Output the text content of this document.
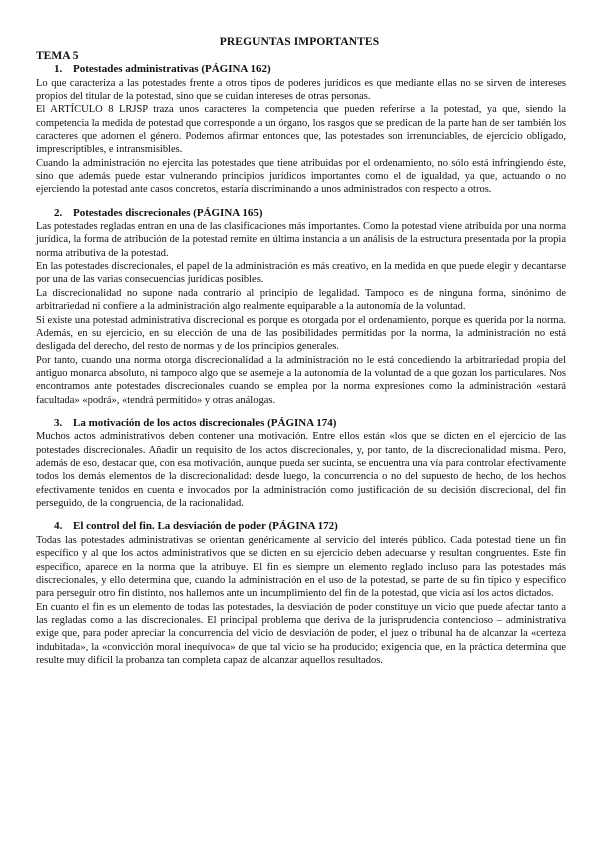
PREGUNTAS IMPORTANTES
TEMA 5
1. Potestades administrativas (PÁGINA 162)

Lo que caracteriza a las potestades frente a otros tipos de poderes jurídicos es que mediante ellas no se sirven de intereses propios del titular de la potestad, sino que se cuidan intereses de otras personas.

El ARTÍCULO 8 LRJSP traza unos caracteres la competencia que pueden referirse a la potestad, ya que, siendo la competencia la medida de potestad que corresponde a un órgano, los rasgos que se predican de la parte han de ser también los caracteres que adornen el género. Podemos afirmar entonces que, las potestades son irrenunciables, de ejercicio obligado, imprescriptibles, e intransmisibles.

Cuando la administración no ejercita las potestades que tiene atribuidas por el ordenamiento, no sólo está infringiendo éste, sino que además puede estar vulnerando principios jurídicos importantes como el de igualdad, ya que, actuando o no ejerciendo la potestad ante casos concretos, estaría discriminando a unos administrados con respecto a otros.

2. Potestades discrecionales (PÁGINA 165)

Las potestades regladas entran en una de las clasificaciones más importantes. Como la potestad viene atribuida por una norma jurídica, la forma de atribución de la potestad remite en última instancia a un análisis de la estructura presentada por la propia norma atributiva de la potestad.

En las potestades discrecionales, el papel de la administración es más creativo, en la medida en que puede elegir y decantarse por una de las varias consecuencias jurídicas posibles.

La discrecionalidad no supone nada contrario al principio de legalidad. Tampoco es de ninguna forma, sinónimo de arbitrariedad ni confiere a la administración algo realmente equiparable a la autonomía de la voluntad.

Si existe una potestad administrativa discrecional es porque es otorgada por el ordenamiento, porque es querida por la norma. Además, en su ejercicio, en su elección de una de las posibilidades permitidas por la norma, la administración no está desligada del derecho, del resto de normas y de los principios generales.

Por tanto, cuando una norma otorga discrecionalidad a la administración no le está concediendo la arbitrariedad propia del antiguo monarca absoluto, ni tampoco algo que se asemeje a la autonomía de la voluntad de a que gozan los particulares. Nos encontramos ante potestades discrecionales cuando se emplea por la norma expresiones como la administración «estará facultada» «podrá», «tendrá permitido» y otras análogas.

3. La motivación de los actos discrecionales (PÁGINA 174)

Muchos actos administrativos deben contener una motivación. Entre ellos están «los que se dicten en el ejercicio de las potestades discrecionales. Añadir un requisito de los actos discrecionales, y, por tanto, de la discrecionalidad misma. Pero, además de eso, destacar que, con esa motivación, aunque pueda ser sucinta, se encuentra una vía para controlar efectivamente todos los demás elementos de la discrecionalidad: desde luego, la concurrencia o no del supuesto de hecho, de los hechos efectivamente tenidos en cuenta e invocados por la administración como justificación de su decisión discrecional, del fin perseguido, de la congruencia, de la racionalidad.

4. El control del fin. La desviación de poder (PÁGINA 172)

Todas las potestades administrativas se orientan genéricamente al servicio del interés público. Cada potestad tiene un fin específico y al que los actos administrativos que se dicten en su ejercicio deben adecuarse y resultan congruentes. Este fin específico, aparece en la norma que la atribuye. El fin es siempre un elemento reglado incluso para las potestades más discrecionales, y ello determina que, cuando la administración en el uso de la potestad, se parte de su fin típico y específico para perseguir otro fin distinto, nos hallemos ante un incumplimiento del fin de la potestad, que vicia así los actos dictados.

En cuanto el fin es un elemento de todas las potestades, la desviación de poder constituye un vicio que puede afectar tanto a las regladas como a las discrecionales. El principal problema que deriva de la jurisprudencia contencioso – administrativa exige que, para poder apreciar la concurrencia del vicio de desviación de poder, el juez o tribunal ha de alcanzar la «certeza indubitada», la «convicción moral inequívoca» de que tal vicio se ha producido; exigencia que, en la práctica determina que resulte muy difícil la probanza tan completa capaz de alcanzar aquellos resultados.
